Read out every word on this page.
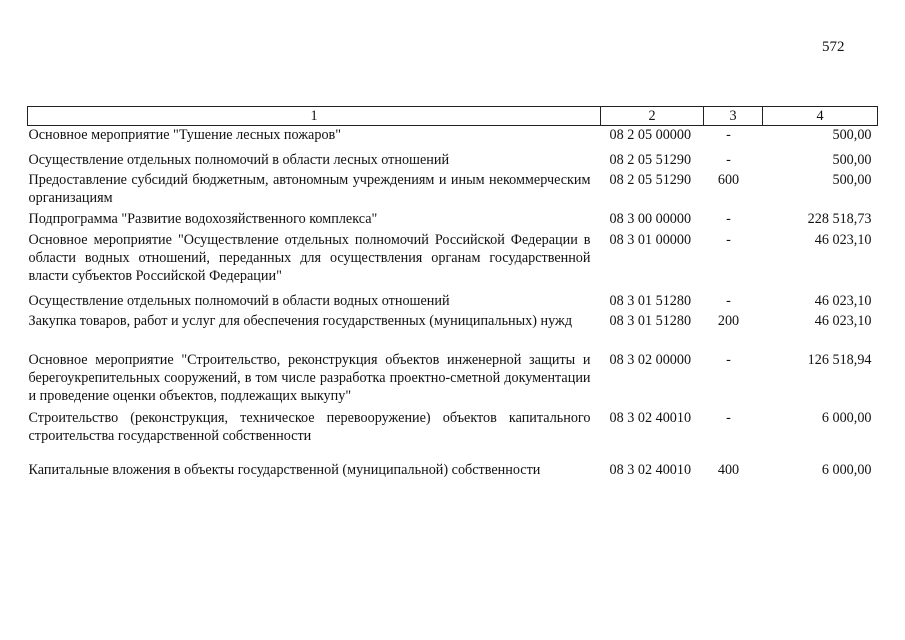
572
1	2	3	4
Основное мероприятие "Тушение лесных пожаров"	08 2 05 00000	-	500,00
Осуществление отдельных полномочий в области лесных отношений	08 2 05 51290	-	500,00
Предоставление субсидий бюджетным, автономным учреждениям и иным некоммерческим организациям	08 2 05 51290	600	500,00
Подпрограмма "Развитие водохозяйственного комплекса"	08 3 00 00000	-	228 518,73
Основное мероприятие "Осуществление отдельных полномочий Российской Федерации в области водных отношений, переданных для осуществления органам государственной власти субъектов Российской Федерации"	08 3 01 00000	-	46 023,10
Осуществление отдельных полномочий в области водных отношений	08 3 01 51280	-	46 023,10
Закупка товаров, работ и услуг для обеспечения государственных (муниципальных) нужд	08 3 01 51280	200	46 023,10
Основное мероприятие "Строительство, реконструкция объектов инженерной защиты и берегоукрепительных сооружений, в том числе разработка проектно-сметной документации и проведение оценки объектов, подлежащих выкупу"	08 3 02 00000	-	126 518,94
Строительство (реконструкция, техническое перевооружение) объектов капитального строительства государственной собственности	08 3 02 40010	-	6 000,00
Капитальные вложения в объекты государственной (муниципальной) собственности	08 3 02 40010	400	6 000,00
